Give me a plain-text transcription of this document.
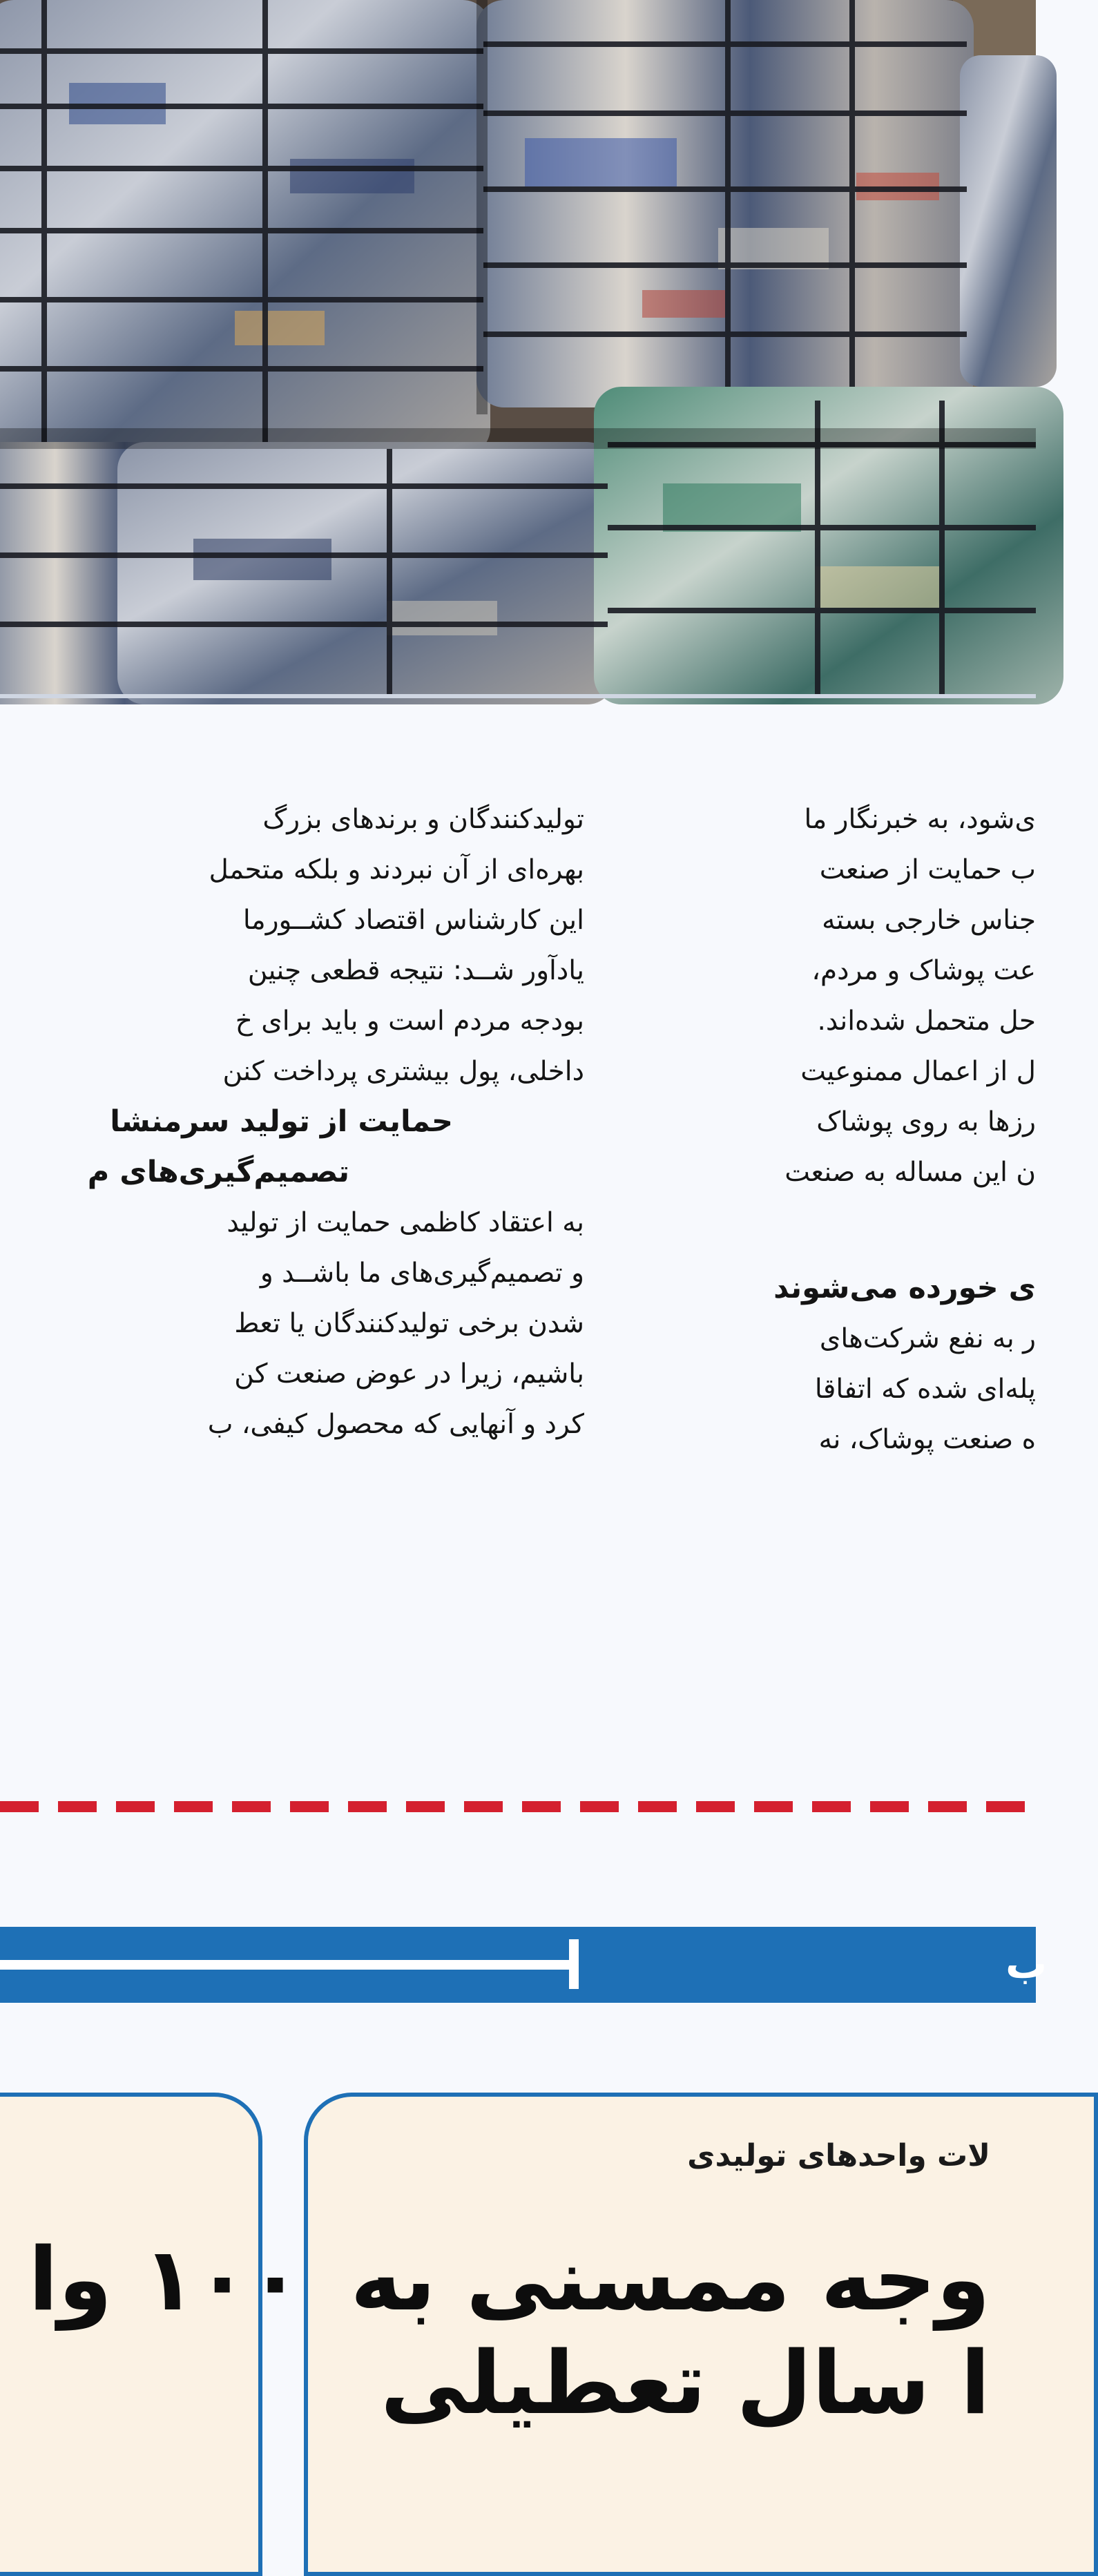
ی‌شود، به خبرنگار ما

ب حمایت از صنعت

جناس خارجی بسته

عت پوشاک و مردم،

حل متحمل شده‌اند.

ل از اعمال ممنوعیت

رزها به روی پوشاک

ن این مساله به صنعت

ی خورده می‌شوند

ر به نفع شرکت‌های

پله‌ای شده که اتفاقا

ه صنعت پوشاک، نه

تولیدکنندگان و برندهای بزرگ

بهره‌ای از آن نبردند و بلکه متحمل

این کارشناس اقتصاد کشــورما

یادآور شــد: نتیجه قطعی چنین

بودجه مردم است و باید برای خ

داخلی، پول بیشتری پرداخت کنن

حمایت از تولید سرمنشا

تصمیم‌گیری‌های م

به اعتقاد کاظمی حمایت از تولید

و تصمیم‌گیری‌های ما باشــد و

شدن برخی تولیدکنندگان یا تعط

باشیم، زیرا در عوض صنعت کن

کرد و آنهایی که محصول کیفی، ب

ب
لات واحدهای تولیدی
وجه ممسنی به
ا سال تعطیلی
۱۰۰ وا
